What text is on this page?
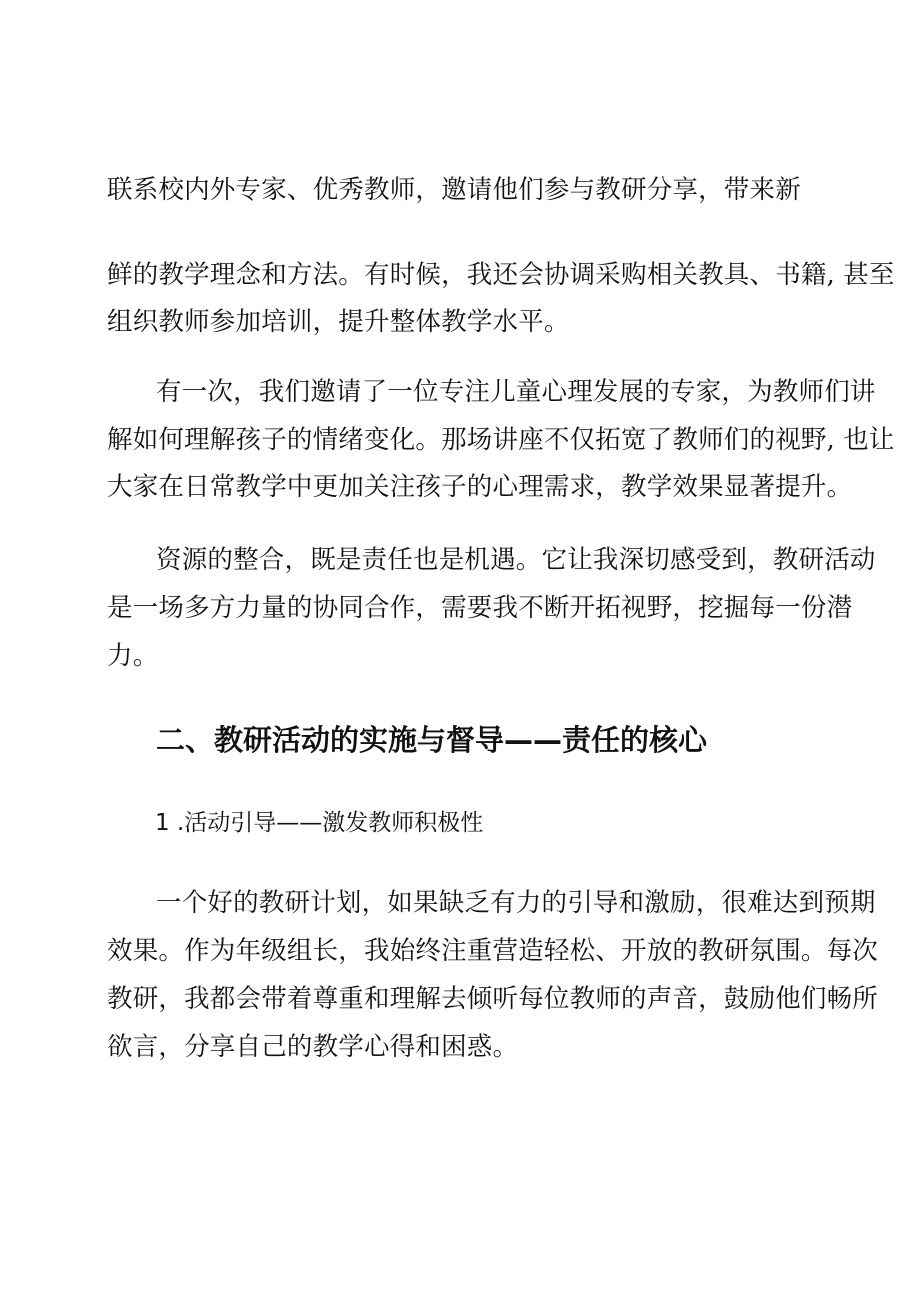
联系校内外专家、优秀教师，邀请他们参与教研分享，带来新
鲜的教学理念和方法。有时候，我还会协调采购相关教具、书籍, 甚至
组织教师参加培训，提升整体教学水平。
有一次，我们邀请了一位专注儿童心理发展的专家，为教师们讲
解如何理解孩子的情绪变化。那场讲座不仅拓宽了教师们的视野, 也让
大家在日常教学中更加关注孩子的心理需求，教学效果显著提升。
资源的整合，既是责任也是机遇。它让我深切感受到，教研活动
是一场多方力量的协同合作，需要我不断开拓视野，挖掘每一份潜
力。
二、教研活动的实施与督导——责任的核心
1 .活动引导——激发教师积极性
一个好的教研计划，如果缺乏有力的引导和激励，很难达到预期
效果。作为年级组长，我始终注重营造轻松、开放的教研氛围。每次
教研，我都会带着尊重和理解去倾听每位教师的声音，鼓励他们畅所
欲言，分享自己的教学心得和困惑。
